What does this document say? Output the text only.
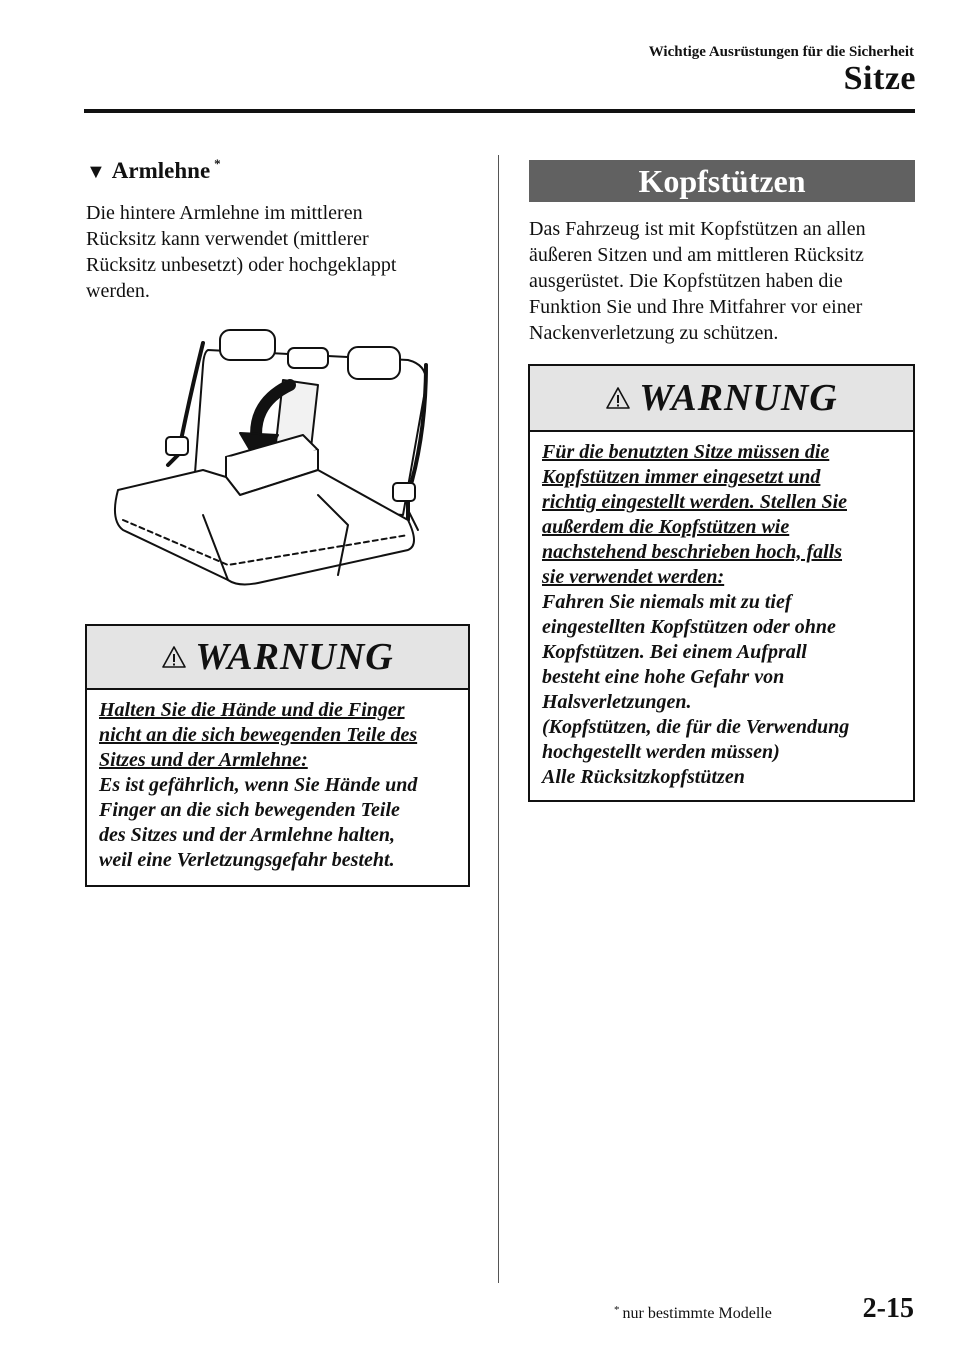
Wichtige Ausrüstungen für die Sicherheit
Sitze
▼ Armlehne *
Die hintere Armlehne im mittleren
Rücksitz kann verwendet (mittlerer
Rücksitz unbesetzt) oder hochgeklappt
werden.
WARNUNG
Halten Sie die Hände und die Finger
nicht an die sich bewegenden Teile des
Sitzes und der Armlehne:
Es ist gefährlich, wenn Sie Hände und
Finger an die sich bewegenden Teile
des Sitzes und der Armlehne halten,
weil eine Verletzungsgefahr besteht.
Kopfstützen
Das Fahrzeug ist mit Kopfstützen an allen
äußeren Sitzen und am mittleren Rücksitz
ausgerüstet. Die Kopfstützen haben die
Funktion Sie und Ihre Mitfahrer vor einer
Nackenverletzung zu schützen.
WARNUNG
Für die benutzten Sitze müssen die
Kopfstützen immer eingesetzt und
richtig eingestellt werden. Stellen Sie
außerdem die Kopfstützen wie
nachstehend beschrieben hoch, falls
sie verwendet werden:
Fahren Sie niemals mit zu tief
eingestellten Kopfstützen oder ohne
Kopfstützen. Bei einem Aufprall
besteht eine hohe Gefahr von
Halsverletzungen.
(Kopfstützen, die für die Verwendung
hochgestellt werden müssen)
Alle Rücksitzkopfstützen
* nur bestimmte Modelle	2-15
